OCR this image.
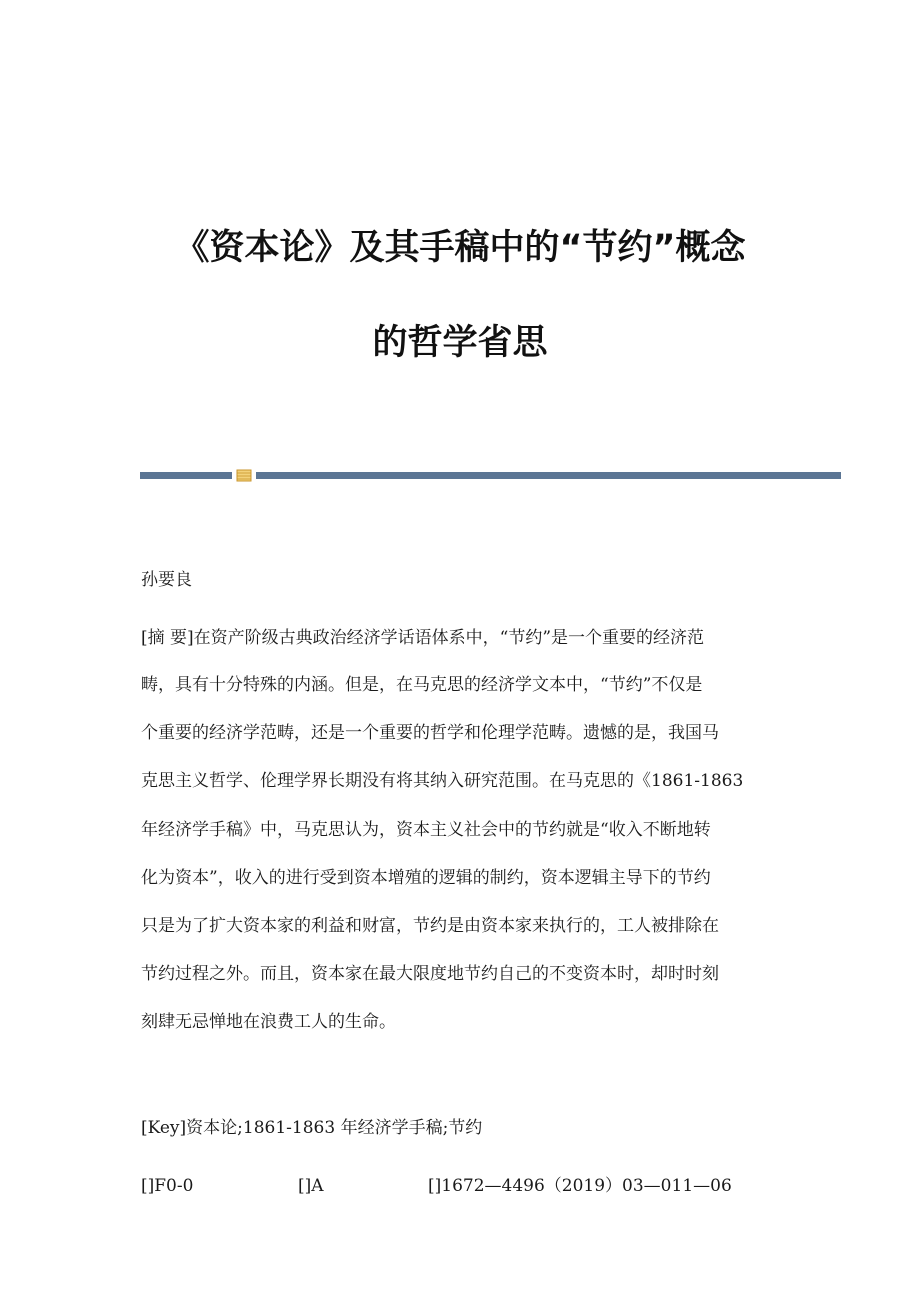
《资本论》及其手稿中的“节约”概念
的哲学省思

孙要良

[摘 要]在资产阶级古典政治经济学话语体系中，“节约”是一个重要的经济范

畴，具有十分特殊的内涵。但是，在马克思的经济学文本中，“节约”不仅是

个重要的经济学范畴，还是一个重要的哲学和伦理学范畴。遗憾的是，我国马

克思主义哲学、伦理学界长期没有将其纳入研究范围。在马克思的《1861-1863

年经济学手稿》中，马克思认为，资本主义社会中的节约就是“收入不断地转

化为资本”，收入的进行受到资本增殖的逻辑的制约，资本逻辑主导下的节约

只是为了扩大资本家的利益和财富，节约是由资本家来执行的，工人被排除在

节约过程之外。而且，资本家在最大限度地节约自己的不变资本时，却时时刻

刻肆无忌惮地在浪费工人的生命。

[Key]资本论;1861-1863 年经济学手稿;节约

[]F0-0	[]A	[]1672—4496（2019）03—011—06
